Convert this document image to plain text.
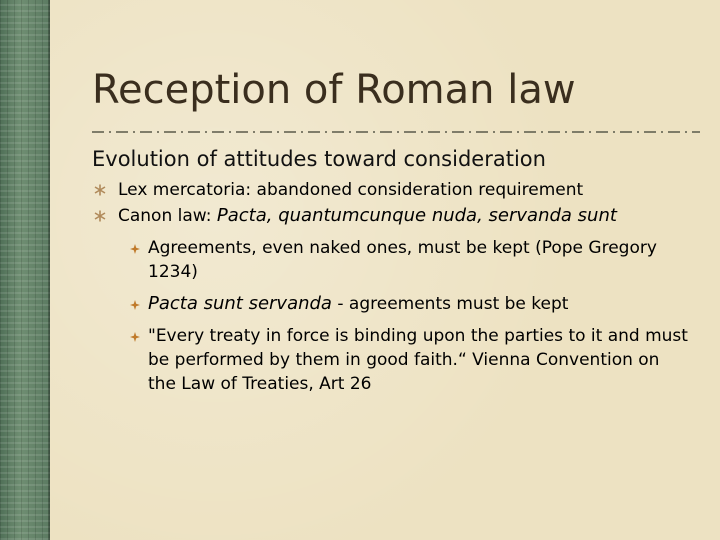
Reception of Roman law
Evolution of attitudes toward consideration
Lex mercatoria: abandoned consideration requirement
Canon law: Pacta, quantumcunque nuda, servanda sunt
Agreements, even naked ones, must be kept (Pope Gregory 1234)
Pacta sunt servanda - agreements must be kept
"Every treaty in force is binding upon the parties to it and must be performed by them in good faith.“ Vienna Convention on the Law of Treaties, Art 26
